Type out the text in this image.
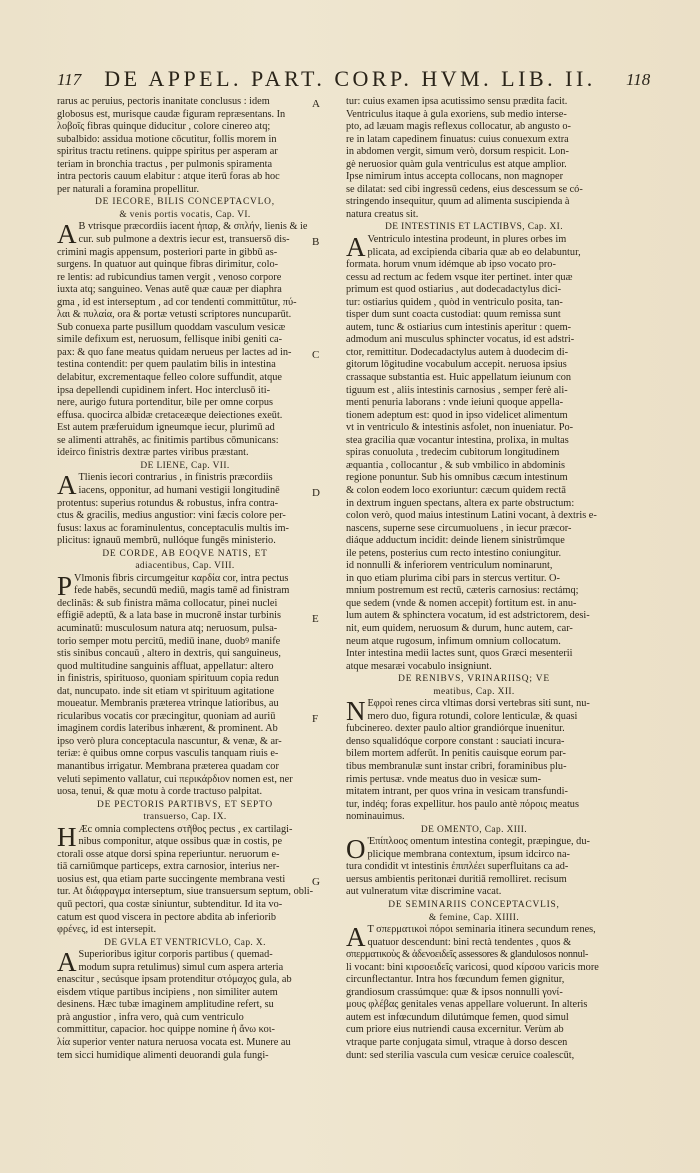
117	DE APPEL. PART. CORP. HVM. LIB. II.	118
rarus ac peruius, pectoris inanitate conclusus : idem
globosus est, murisque caudæ figuram repræsentans. In
λοβοῖς fibras quinque diducitur , colore cinereo atq;
subalbido: assidua motione cōcutitur, follis morem in
spiritus tractu retinens. quippe spiritus per asperam ar
teriam in bronchia tractus , per pulmonis spiramenta
intra pectoris cauum elabitur : atque iterū foras ab hoc
per naturali a foramina propellitur.
DE IECORE, BILIS CONCEPTACVLO,
& venis portis vocatis, Cap. VI.
A B vtrisque præcordiis iacent ἡπαρ, & σπλήν, lienis & ie
cur. sub pulmone a dextris iecur est, transuersō dis-
crimini magis appensum, posteriori parte in gibbū as-
surgens. In quatuor aut quinque fibras dirimitur, colo-
re lentis: ad rubicundius tamen vergit , venoso corpore
iuxta atq; sanguineo. Venas autē quæ cauæ per diaphra
gma , id est interseptum , ad cor tendenti committūtur, πύ-
λαι & πυλαία, ora & portæ vetusti scriptores nuncuparūt.
Sub conuexa parte pusillum quoddam vasculum vesicæ
simile defixum est, neruosum, fellisque inibi geniti ca-
pax: & quo fane meatus quidam nerueus per lactes ad in-
testina contendit: per quem paulatim bilis in intestina
delabitur, excrementaque felleo colore suffundit, atque
ipsa depellendi cupidinem infert. Hoc interclusō iti-
nere, aurigo futura portenditur, bile per omne corpus
effusa. quocirca albidæ cretaceæque deiectiones exeūt.
Est autem præferuidum igneumque iecur, plurimū ad
se alimenti attrahēs, ac finitimis partibus cōmunicans:
ideirco finistris dextræ partes viribus præstant.
DE LIENE, Cap. VII.
A Tlienis iecori contrarius , in finistris præcordiis
iacens, opponitur, ad humani vestigii longitudinē
protentus: superius rotundus & robustus, infra contra-
ctus & gracilis, medius angustior: vini fæcis colore per-
fusus: laxus ac foraminulentus, conceptaculis multis im-
plicitus: ignauū membrū, nullóque fungēs ministerio.
DE CORDE, AB EOQVE NATIS, ET
adiacentibus, Cap. VIII.
P Vlmonis fibris circumgeitur καρδία cor, intra pectus
fede habēs, secundū mediū, magis tamē ad finistram
declinās: & sub finistra māma collocatur, pinei nuclei
effigiē adeptū, & a lata base in mucronē instar turbinis
acuminatū: musculosum natura atq; neruosum, pulsa-
torio semper motu percitū, mediū inane, duobꝰ manife
stis sinibus concauū , altero in dextris, qui sanguineus,
quod multitudine sanguinis affluat, appellatur: altero
in finistris, spirituoso, quoniam spirituum copia redun
dat, nuncupato. inde sit etiam vt spirituum agitatione
moueatur. Membranis præterea vtrinque latioribus, au
ricularibus vocatis cor præcingitur, quoniam ad auriū
imaginem cordis lateribus inhærent, & prominent. Ab
ipso verò plura conceptacula nascuntur, & venæ, & ar-
teriæ: è quibus omne corpus vasculis tanquam riuis e-
manantibus irrigatur. Membrana præterea quadam cor
veluti sepimento vallatur, cui περικάρδιον nomen est, ner
uosa, tenui, & quæ motu à corde tractuso palpitat.
DE PECTORIS PARTIBVS, ET SEPTO
transuerso, Cap. IX.
H Æc omnia complectens στῆθος pectus , ex cartilagi-
nibus componitur, atque ossibus quæ in costis, pe
ctorali osse atque dorsi spina reperiuntur. neruorum e-
tiā carniūmque particeps, extra carnosior, interius ner-
uosius est, qua etiam parte succingente membrana vesti
tur. At διάφραγμα interseptum, siue transuersum septum, obli-
quū pectori, qua costæ siniuntur, subtenditur. Id ita vo-
catum est quod viscera in pectore abdita ab inferiorib
φρένες, id est intersepit.
DE GVLA ET VENTRICVLO, Cap. X.
A Superioribus igitur corporis partibus ( quemad-
modum supra retulimus) simul cum aspera arteria
enascitur , secúsque ipsam protenditur στόμαχος gula, ab
eisdem vtique partibus incipiens , non similiter autem
desinens. Hæc tubæ imaginem amplitudine refert, su
prà angustior , infra vero, quà cum ventriculo
committitur, capacior. hoc quippe nomine ἡ ἄνω κοι-
λία superior venter natura neruosa vocata est. Munere au
tem sicci humidique alimenti deuorandi gula fungi-
A
B
C
D
E
F
G
tur: cuius examen ipsa acutissimo sensu prædita facit.
Ventriculus itaque à gula exoriens, sub medio interse-
pto, ad læuam magis reflexus collocatur, ab angusto o-
re in latam capedinem finuatus: cuius conuexum extra
in abdomen vergit, simum verò, dorsum respicit. Lon-
gè neruosior quàm gula ventriculus est atque amplior.
Ipse nimirum intus accepta collocans, non magnoper
se dilatat: sed cibi ingressū cedens, eius descessum se có-
stringendo insequitur, quum ad alimenta suscipienda à
natura creatus sit.
DE INTESTINIS ET LACTIBVS, Cap. XI.
A Ventriculo intestina prodeunt, in plures orbes im
plicata, ad excipienda cibaria quæ ab eo delabuntur,
formata. horum vnum idémque ab ipso vocato pro-
cessu ad rectum ac fedem vsque iter pertinet. inter quæ
primum est quod ostiarius , aut dodecadactylus dici-
tur: ostiarius quidem , quòd in ventriculo posita, tan-
tisper dum sunt coacta custodiat: quum remissa sunt
autem, tunc & ostiarius cum intestinis aperitur : quem-
admodum ani musculus sphincter vocatus, id est adstri-
ctor, remittitur. Dodecadactylus autem à duodecim di-
gitorum lōgitudine vocabulum accepit. neruosa ipsius
crassaque substantia est. Huic appellatum ieiunum con
tiguum est , aliis intestinis carnosius , semper ferè ali-
menti penuria laborans : vnde ieiuni quoque appella-
tionem adeptum est: quod in ipso videlicet alimentum
vt in ventriculo & intestinis asfolet, non inueniatur. Po-
stea gracilia quæ vocantur intestina, prolixa, in multas
spiras conuoluta , tredecim cubitorum longitudinem
æquantia , collocantur , & sub vmbilico in abdominis
regione ponuntur. Sub his omnibus cæcum intestinum
& colon eodem loco exoriuntur: cæcum quidem rectā
in dextrum inguen spectans, altera ex parte obstructum:
colon verò, quod maius intestinum Latini vocant, à dextris e-
nascens, superne sese circumuoluens , in iecur præcor-
diáque adductum incidit: deinde lienem sinistrūmque
ile petens, posterius cum recto intestino coniungitur.
id nonnulli & inferiorem ventriculum nominarunt,
in quo etiam plurima cibi pars in stercus vertitur. O-
mnium postremum est rectū, cæteris carnosius: rectámq;
que sedem (vnde & nomen accepit) fortitum est. in anu-
lum autem & sphinctera vocatum, id est adstrictorem, desi-
nit, eum quidem, neruosum & durum, hunc autem, car-
neum atque rugosum, infimum omnium collocatum.
Inter intestina medii lactes sunt, quos Græci mesenterii
atque mesaræi vocabulo insigniunt.
DE RENIBVS, VRINARIISQ; VE
meatibus, Cap. XII.
N Εφροὶ renes circa vltimas dorsi vertebras siti sunt, nu-
mero duo, figura rotundi, colore lenticulæ, & quasi
fubcinereo. dexter paulo altior grandiórque inuenitur.
denso squalidóque corpore constant : sauciati incura-
bilem mortem adferūt. In penitis cauisque eorum par-
tibus membranulæ sunt instar cribri, foraminibus plu-
rimis pertusæ. vnde meatus duo in vesicæ sum-
mitatem intrant, per quos vrina in vesicam transfundi-
tur, indéq; foras expellitur. hos paulo antè πόροις meatus
nominauimus.
DE OMENTO, Cap. XIII.
O Ἐπίπλοος omentum intestina contegit, præpingue, du-
plicique membrana contextum, ipsum idcirco na-
tura condidit vt intestinis ἐπιπλέει superfluitans ca ad-
uersus ambientis peritonæi duritiā remolliret. recisum
aut vulneratum vitæ discrimine vacat.
DE SEMINARIIS CONCEPTACVLIS,
& femine, Cap. XIIII.
A Τ σπερματικοὶ πόροι seminaria itinera secundum renes,
quatuor descendunt: bini rectà tendentes , quos &
σπερματικοὺς & ἀδενοειδεῖς assessores & glandulosos nonnul-
li vocant: bini κιρσοειδεῖς varicosi, quod κίρσου varicis more
circunflectantur. Intra hos fœcundum femen gignitur,
grandiosum crassúmque: quæ & ipsos nonnulli γονί-
μους φλέβας genitales venas appellare voluerunt. In alteris
autem est infœcundum dilutúmque femen, quod simul
cum priore eius nutriendi causa excernitur. Verùm ab
vtraque parte conjugata simul, vtraque à dorso descen
dunt: sed sterilia vascula cum vesicæ ceruice coalescūt,
